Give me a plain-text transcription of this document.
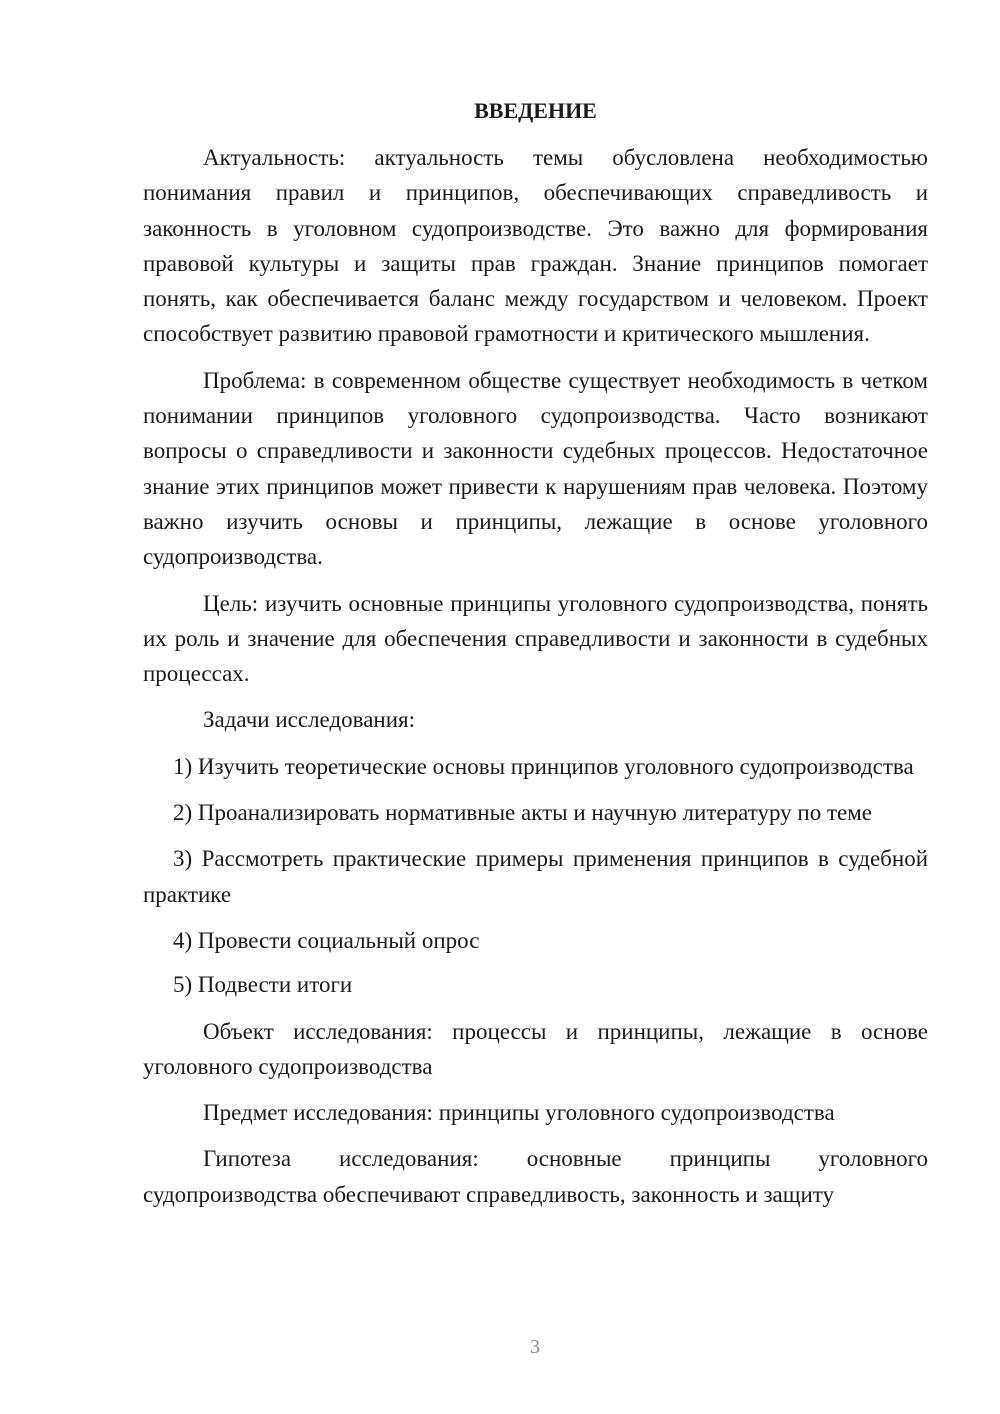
ВВЕДЕНИЕ

Актуальность: актуальность темы обусловлена необходимостью понимания правил и принципов, обеспечивающих справедливость и законность в уголовном судопроизводстве. Это важно для формирования правовой культуры и защиты прав граждан. Знание принципов помогает понять, как обеспечивается баланс между государством и человеком. Проект способствует развитию правовой грамотности и критического мышления.

Проблема: в современном обществе существует необходимость в четком понимании принципов уголовного судопроизводства. Часто возникают вопросы о справедливости и законности судебных процессов. Недостаточное знание этих принципов может привести к нарушениям прав человека. Поэтому важно изучить основы и принципы, лежащие в основе уголовного судопроизводства.

Цель: изучить основные принципы уголовного судопроизводства, понять их роль и значение для обеспечения справедливости и законности в судебных процессах.

Задачи исследования:

1) Изучить теоретические основы принципов уголовного судопроизводства

2) Проанализировать нормативные акты и научную литературу по теме

3) Рассмотреть практические примеры применения принципов в судебной практике

4) Провести социальный опрос

5) Подвести итоги

Объект исследования: процессы и принципы, лежащие в основе уголовного судопроизводства

Предмет исследования: принципы уголовного судопроизводства

Гипотеза исследования: основные принципы уголовного судопроизводства обеспечивают справедливость, законность и защиту

3
